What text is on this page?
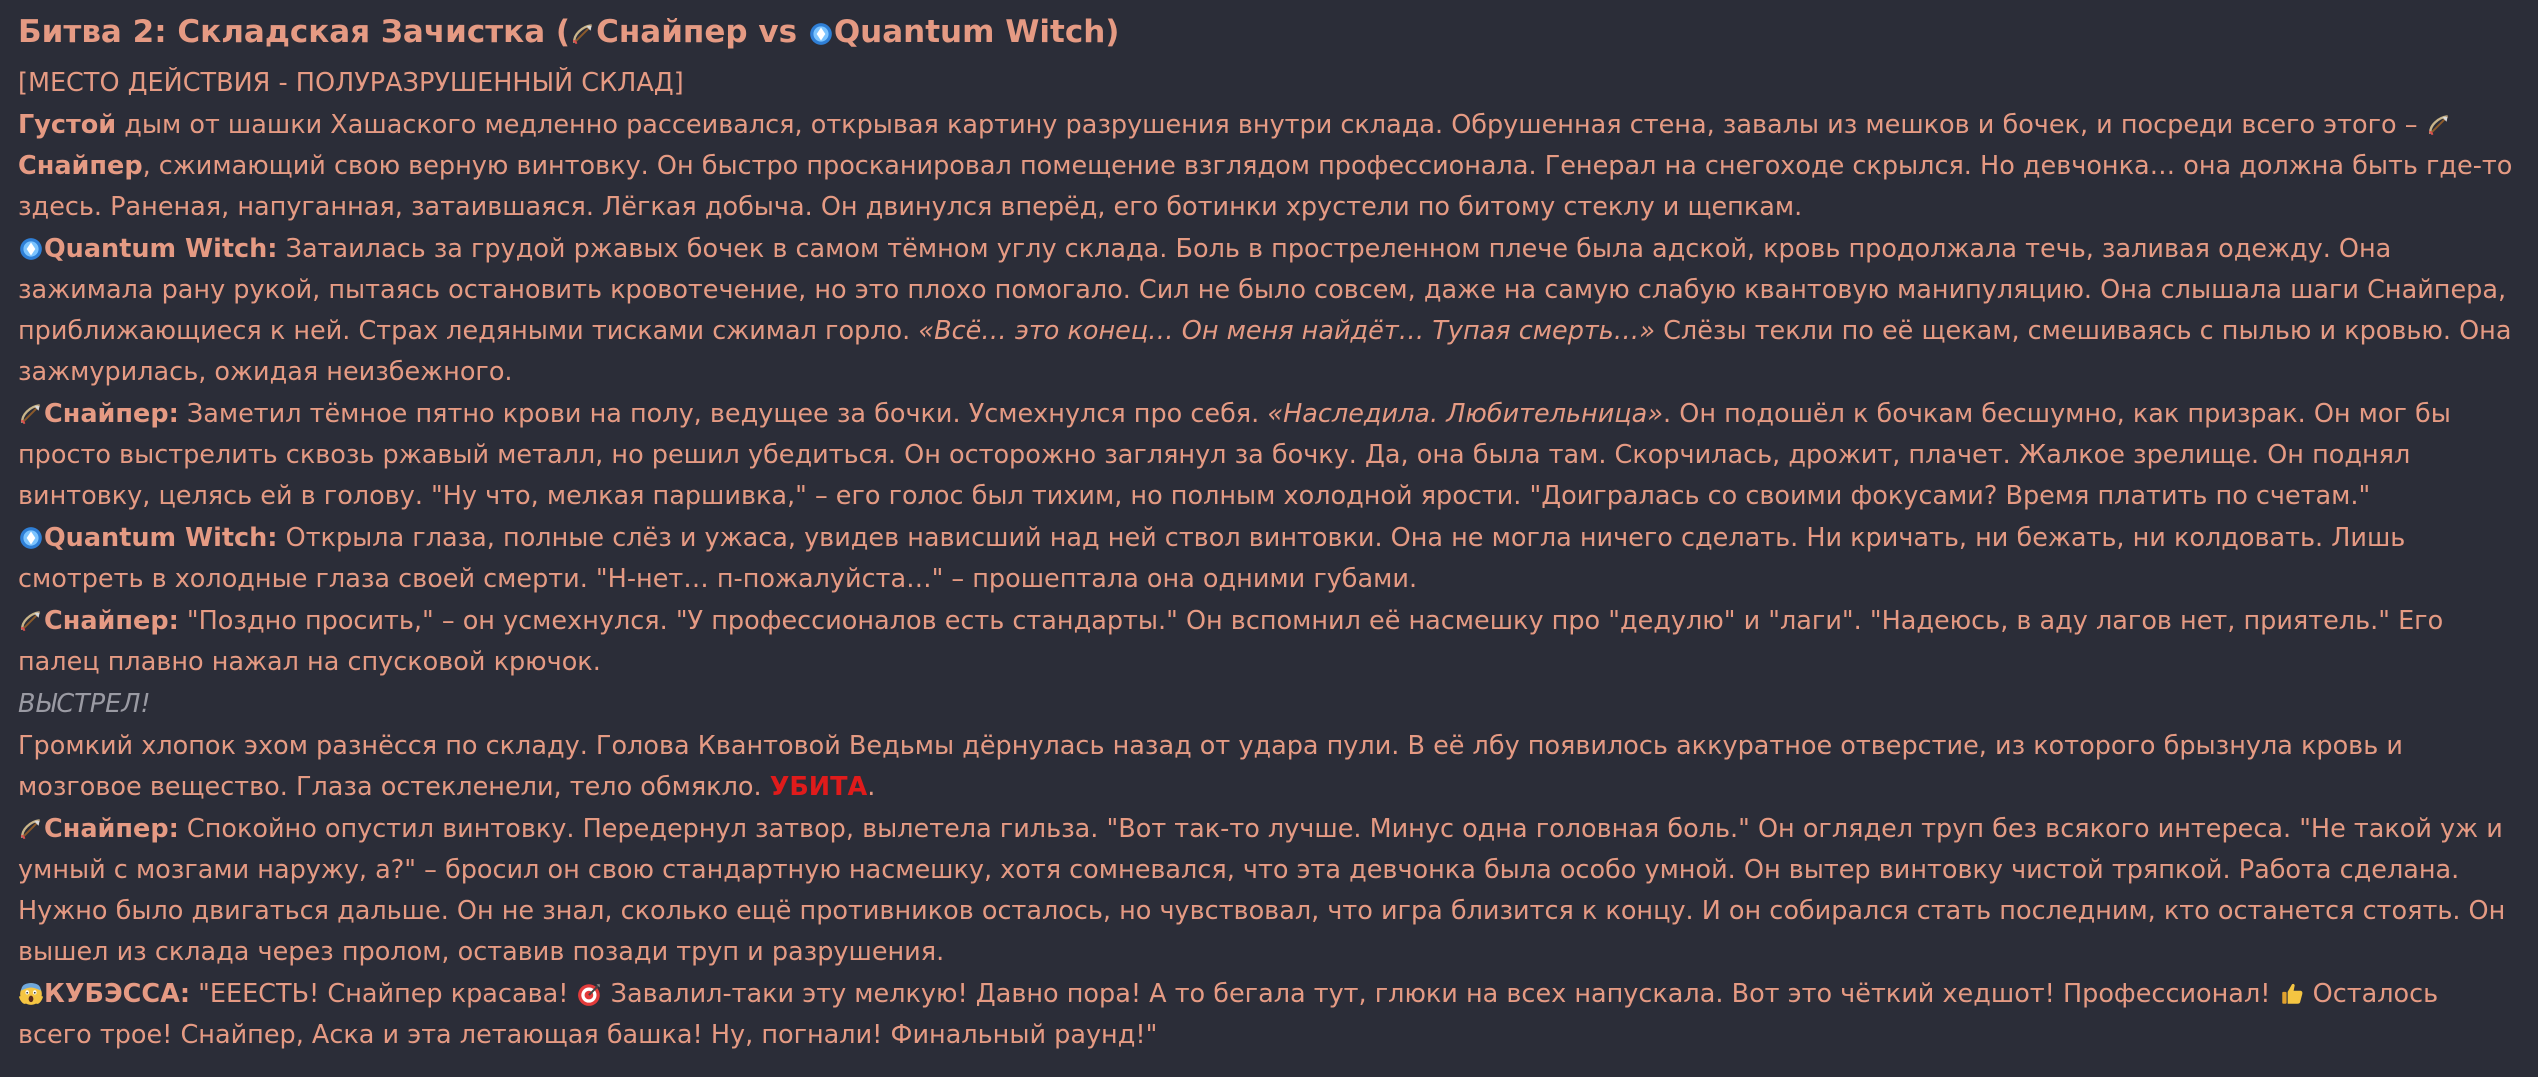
Битва 2: Складская Зачистка ( Снайпер vs
Quantum Witch)

[МЕСТО ДЕЙСТВИЯ - ПОЛУРАЗРУШЕННЫЙ СКЛАД]

Густой дым от шашки Хашаского медленно рассеивался, открывая картину разрушения внутри склада. Обрушенная стена, завалы из мешков и бочек, и посреди всего этого –
Снайпер, сжимающий свою верную винтовку. Он быстро просканировал помещение взглядом профессионала. Генерал на снегоходе скрылся. Но девчонка… она должна быть где-то здесь. Раненая, напуганная, затаившаяся. Лёгкая добыча. Он двинулся вперёд, его ботинки хрустели по битому стеклу и щепкам.

Quantum Witch: Затаилась за грудой ржавых бочек в самом тёмном углу склада. Боль в простреленном плече была адской, кровь продолжала течь, заливая одежду. Она зажимала рану рукой, пытаясь остановить кровотечение, но это плохо помогало. Сил не было совсем, даже на самую слабую квантовую манипуляцию. Она слышала шаги Снайпера, приближающиеся к ней. Страх ледяными тисками сжимал горло. «Всё… это конец… Он меня найдёт… Тупая смерть…» Слёзы текли по её щекам, смешиваясь с пылью и кровью. Она зажмурилась, ожидая неизбежного.

Снайпер: Заметил тёмное пятно крови на полу, ведущее за бочки. Усмехнулся про себя. «Наследила. Любительница». Он подошёл к бочкам бесшумно, как призрак. Он мог бы просто выстрелить сквозь ржавый металл, но решил убедиться. Он осторожно заглянул за бочку. Да, она была там. Скорчилась, дрожит, плачет. Жалкое зрелище. Он поднял винтовку, целясь ей в голову. "Ну что, мелкая паршивка," – его голос был тихим, но полным холодной ярости. "Доигралась со своими фокусами? Время платить по счетам."

Quantum Witch: Открыла глаза, полные слёз и ужаса, увидев нависший над ней ствол винтовки. Она не могла ничего сделать. Ни кричать, ни бежать, ни колдовать. Лишь смотреть в холодные глаза своей смерти. "Н-нет… п-пожалуйста…" – прошептала она одними губами.

Снайпер: "Поздно просить," – он усмехнулся. "У профессионалов есть стандарты." Он вспомнил её насмешку про "дедулю" и "лаги". "Надеюсь, в аду лагов нет, приятель." Его палец плавно нажал на спусковой крючок.

ВЫСТРЕЛ!

Громкий хлопок эхом разнёсся по складу. Голова Квантовой Ведьмы дёрнулась назад от удара пули. В её лбу появилось аккуратное отверстие, из которого брызнула кровь и мозговое вещество. Глаза остекленели, тело обмякло. УБИТА.

Снайпер: Спокойно опустил винтовку. Передернул затвор, вылетела гильза. "Вот так-то лучше. Минус одна головная боль." Он оглядел труп без всякого интереса. "Не такой уж и умный с мозгами наружу, а?" – бросил он свою стандартную насмешку, хотя сомневался, что эта девчонка была особо умной. Он вытер винтовку чистой тряпкой. Работа сделана. Нужно было двигаться дальше. Он не знал, сколько ещё противников осталось, но чувствовал, что игра близится к концу. И он собирался стать последним, кто останется стоять. Он вышел из склада через пролом, оставив позади труп и разрушения.

КУБЭССА: "ЕЕЕСТЬ! Снайпер красава!
Завалил-таки эту мелкую! Давно пора! А то бегала тут, глюки на всех напускала. Вот это чёткий хедшот! Профессионал!
Осталось всего трое! Снайпер, Аска и эта летающая башка! Ну, погнали! Финальный раунд!"
